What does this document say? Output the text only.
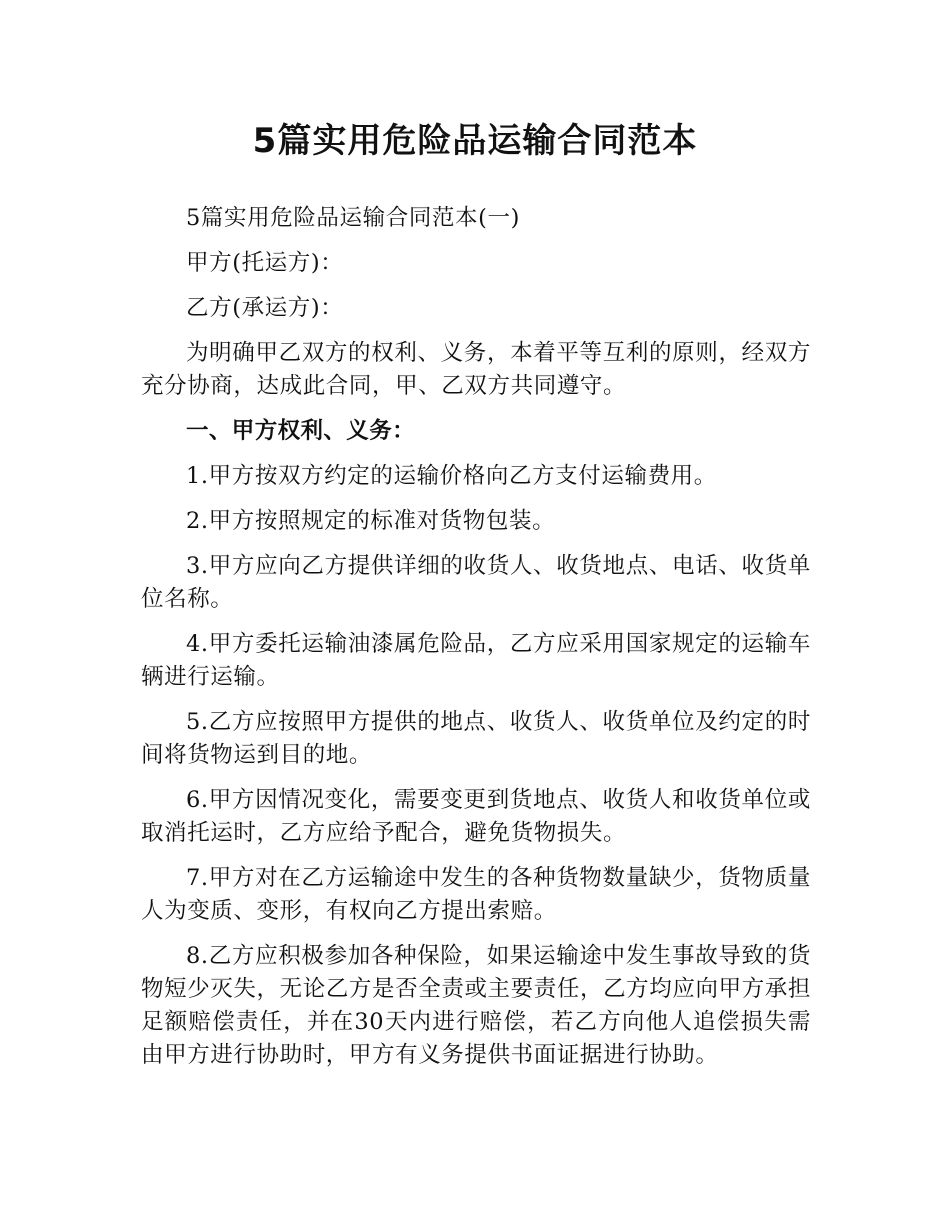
5篇实用危险品运输合同范本

5篇实用危险品运输合同范本(一)

甲方(托运方)：

乙方(承运方)：

为明确甲乙双方的权利、义务，本着平等互利的原则，经双方充分协商，达成此合同，甲、乙双方共同遵守。

一、甲方权利、义务：

1.甲方按双方约定的运输价格向乙方支付运输费用。

2.甲方按照规定的标准对货物包装。

3.甲方应向乙方提供详细的收货人、收货地点、电话、收货单位名称。

4.甲方委托运输油漆属危险品，乙方应采用国家规定的运输车辆进行运输。

5.乙方应按照甲方提供的地点、收货人、收货单位及约定的时间将货物运到目的地。

6.甲方因情况变化，需要变更到货地点、收货人和收货单位或取消托运时，乙方应给予配合，避免货物损失。

7.甲方对在乙方运输途中发生的各种货物数量缺少，货物质量人为变质、变形，有权向乙方提出索赔。

8.乙方应积极参加各种保险，如果运输途中发生事故导致的货物短少灭失，无论乙方是否全责或主要责任，乙方均应向甲方承担足额赔偿责任，并在30天内进行赔偿，若乙方向他人追偿损失需由甲方进行协助时，甲方有义务提供书面证据进行协助。
